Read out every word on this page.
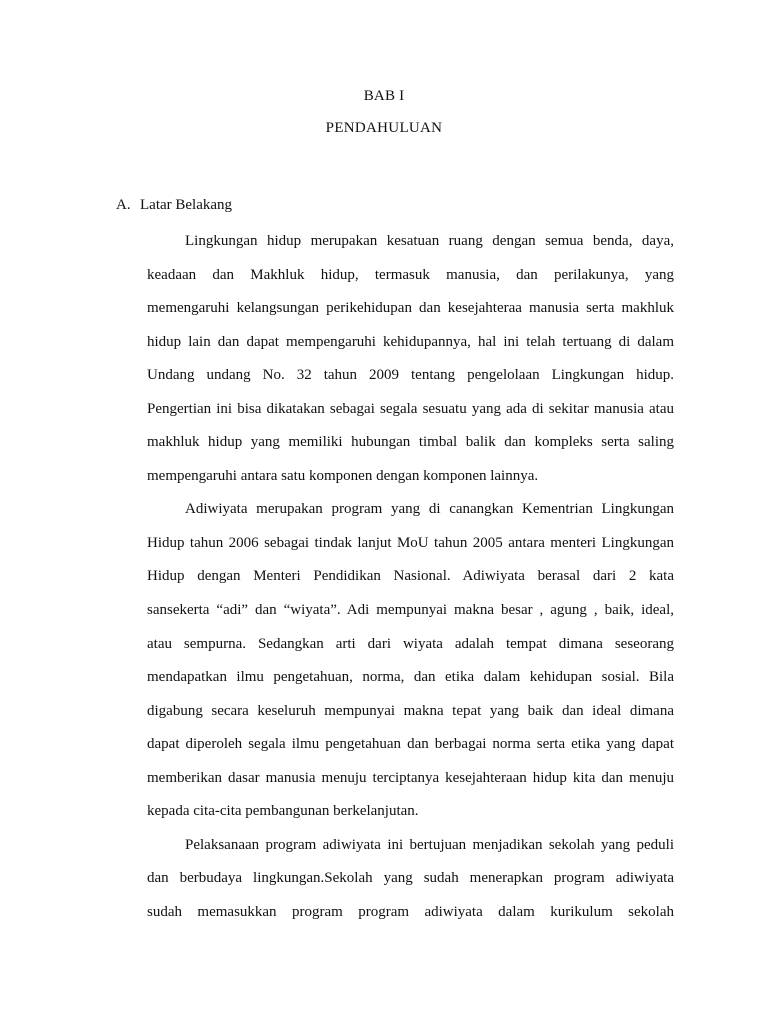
BAB I
PENDAHULUAN
A. Latar Belakang
Lingkungan hidup merupakan kesatuan ruang dengan semua benda, daya,
keadaan dan Makhluk hidup, termasuk manusia, dan perilakunya, yang
memengaruhi kelangsungan perikehidupan dan kesejahteraa manusia serta makhluk
hidup lain dan dapat mempengaruhi kehidupannya, hal ini telah tertuang di dalam
Undang undang No. 32 tahun 2009 tentang pengelolaan Lingkungan hidup.
Pengertian ini bisa dikatakan sebagai segala sesuatu yang ada di sekitar manusia atau
makhluk hidup yang memiliki hubungan timbal balik dan kompleks serta saling
mempengaruhi antara satu komponen dengan komponen lainnya.
Adiwiyata merupakan program yang di canangkan Kementrian Lingkungan
Hidup tahun 2006 sebagai tindak lanjut MoU tahun 2005 antara menteri Lingkungan
Hidup dengan Menteri Pendidikan Nasional. Adiwiyata berasal dari 2 kata
sansekerta “adi” dan “wiyata”. Adi mempunyai makna besar , agung , baik, ideal,
atau sempurna. Sedangkan arti dari wiyata adalah tempat dimana seseorang
mendapatkan ilmu pengetahuan, norma, dan etika dalam kehidupan sosial. Bila
digabung secara keseluruh mempunyai makna tepat yang baik dan ideal dimana
dapat diperoleh segala ilmu pengetahuan dan berbagai norma serta etika yang dapat
memberikan dasar manusia menuju terciptanya kesejahteraan hidup kita dan menuju
kepada cita-cita pembangunan berkelanjutan.
Pelaksanaan program adiwiyata ini bertujuan menjadikan sekolah yang peduli
dan berbudaya lingkungan.Sekolah yang sudah menerapkan program adiwiyata
sudah memasukkan program program adiwiyata dalam kurikulum sekolah
